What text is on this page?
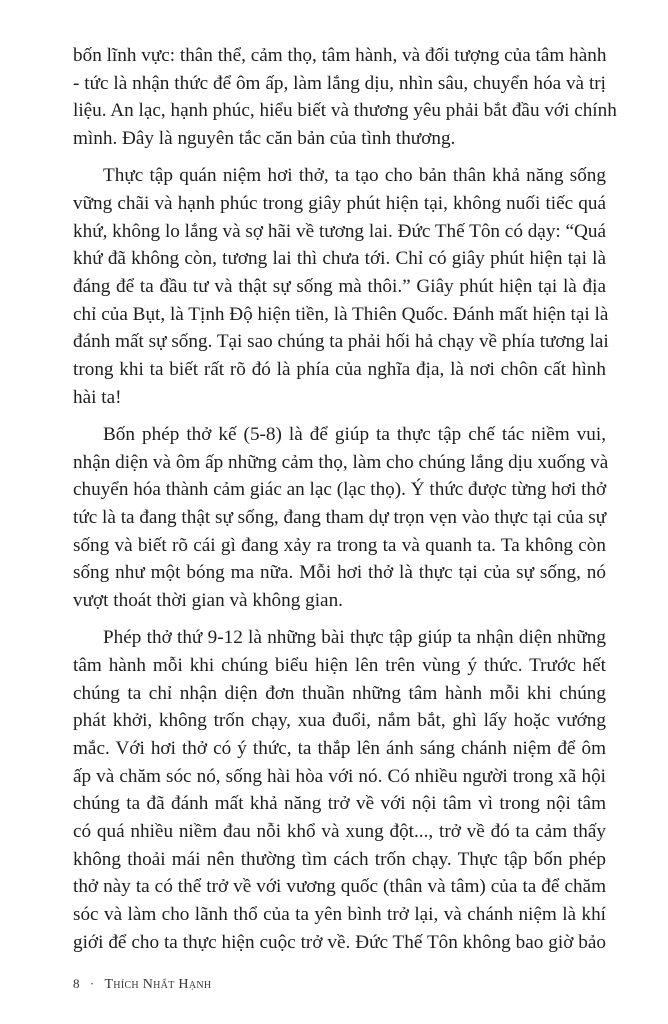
bốn lĩnh vực: thân thể, cảm thọ, tâm hành, và đối tượng của tâm hành
- tức là nhận thức để ôm ấp, làm lắng dịu, nhìn sâu, chuyển hóa và trị
liệu. An lạc, hạnh phúc, hiểu biết và thương yêu phải bắt đầu với chính
mình. Đây là nguyên tắc căn bản của tình thương.
Thực tập quán niệm hơi thở, ta tạo cho bản thân khả năng sống
vững chãi và hạnh phúc trong giây phút hiện tại, không nuối tiếc quá
khứ, không lo lắng và sợ hãi về tương lai. Đức Thế Tôn có dạy: “Quá
khứ đã không còn, tương lai thì chưa tới. Chỉ có giây phút hiện tại là
đáng để ta đầu tư và thật sự sống mà thôi.” Giây phút hiện tại là địa
chỉ của Bụt, là Tịnh Độ hiện tiền, là Thiên Quốc. Đánh mất hiện tại là
đánh mất sự sống. Tại sao chúng ta phải hối hả chạy về phía tương lai
trong khi ta biết rất rõ đó là phía của nghĩa địa, là nơi chôn cất hình
hài ta!
Bốn phép thở kế (5-8) là để giúp ta thực tập chế tác niềm vui,
nhận diện và ôm ấp những cảm thọ, làm cho chúng lắng dịu xuống và
chuyển hóa thành cảm giác an lạc (lạc thọ). Ý thức được từng hơi thở
tức là ta đang thật sự sống, đang tham dự trọn vẹn vào thực tại của sự
sống và biết rõ cái gì đang xảy ra trong ta và quanh ta. Ta không còn
sống như một bóng ma nữa. Mỗi hơi thở là thực tại của sự sống, nó
vượt thoát thời gian và không gian.
Phép thở thứ 9-12 là những bài thực tập giúp ta nhận diện những
tâm hành mỗi khi chúng biểu hiện lên trên vùng ý thức. Trước hết
chúng ta chỉ nhận diện đơn thuần những tâm hành mỗi khi chúng
phát khởi, không trốn chạy, xua đuổi, nắm bắt, ghì lấy hoặc vướng
mắc. Với hơi thở có ý thức, ta thắp lên ánh sáng chánh niệm để ôm
ấp và chăm sóc nó, sống hài hòa với nó. Có nhiều người trong xã hội
chúng ta đã đánh mất khả năng trở về với nội tâm vì trong nội tâm
có quá nhiều niềm đau nỗi khổ và xung đột..., trở về đó ta cảm thấy
không thoải mái nên thường tìm cách trốn chạy. Thực tập bốn phép
thở này ta có thể trở về với vương quốc (thân và tâm) của ta để chăm
sóc và làm cho lãnh thổ của ta yên bình trở lại, và chánh niệm là khí
giới để cho ta thực hiện cuộc trở về. Đức Thế Tôn không bao giờ bảo
8 · Thích Nhất Hạnh
